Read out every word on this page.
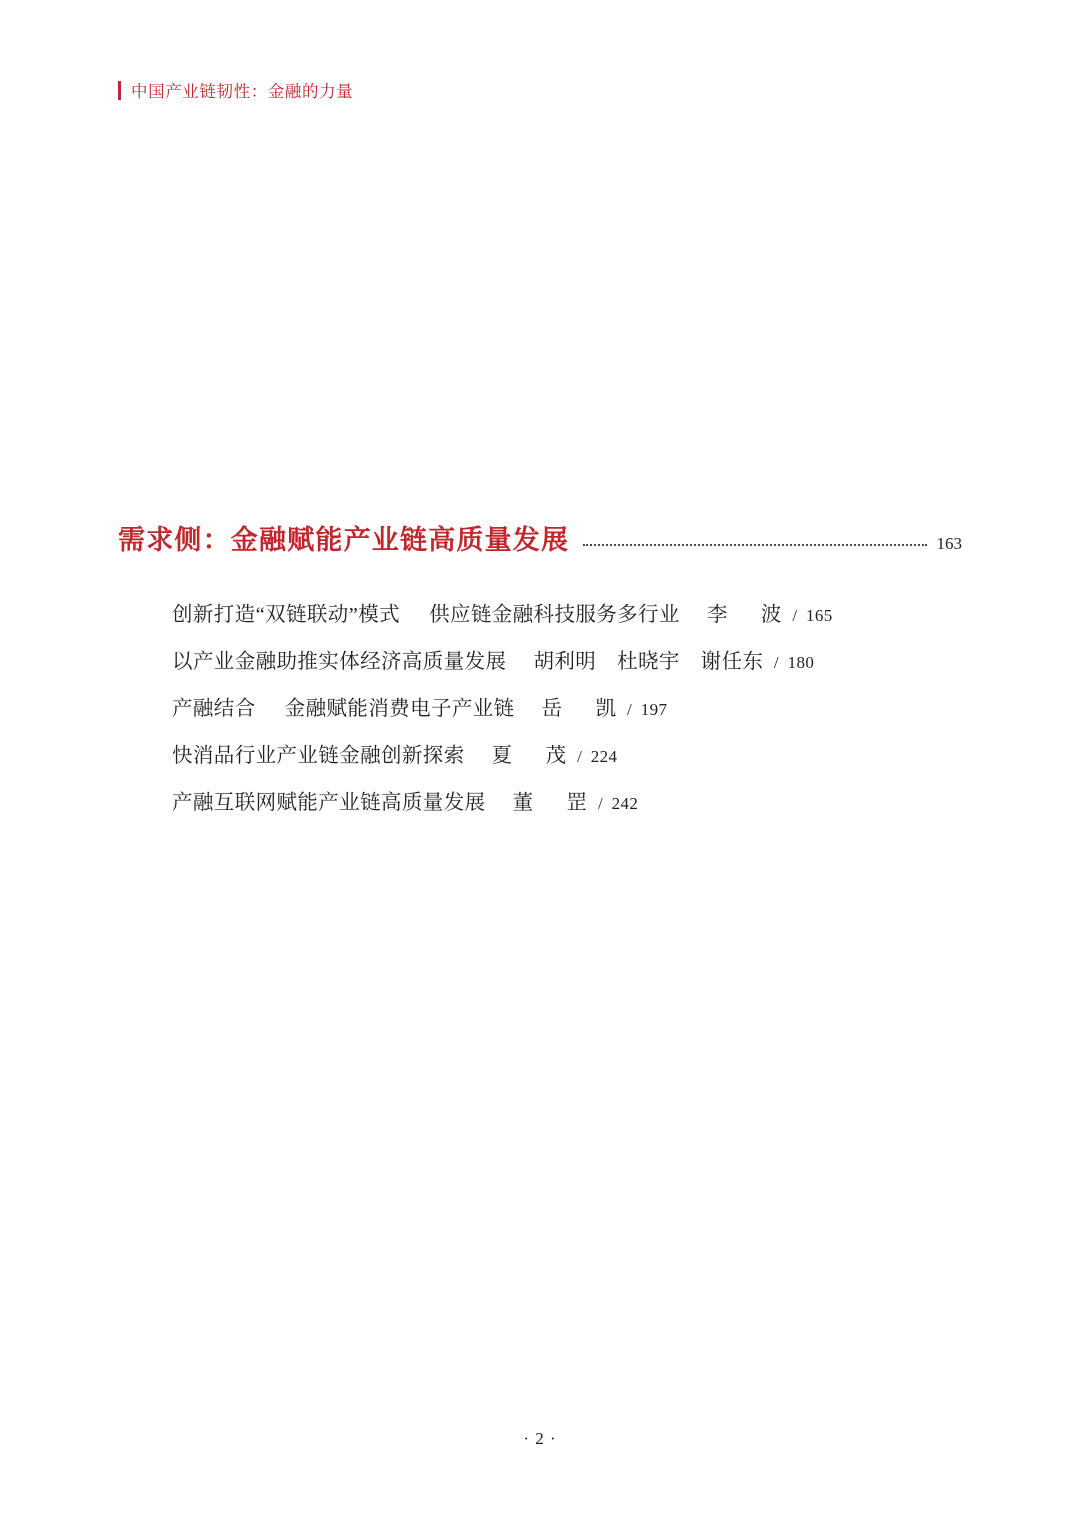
中国产业链韧性：金融的力量
需求侧：金融赋能产业链高质量发展	163
创新打造“双链联动”模式 供应链金融科技服务多行业 李 波 / 165
以产业金融助推实体经济高质量发展 胡利明　杜晓宇　谢任东 / 180
产融结合 金融赋能消费电子产业链 岳 凯 / 197
快消品行业产业链金融创新探索 夏 茂 / 224
产融互联网赋能产业链高质量发展 董 罡 / 242
· 2 ·
